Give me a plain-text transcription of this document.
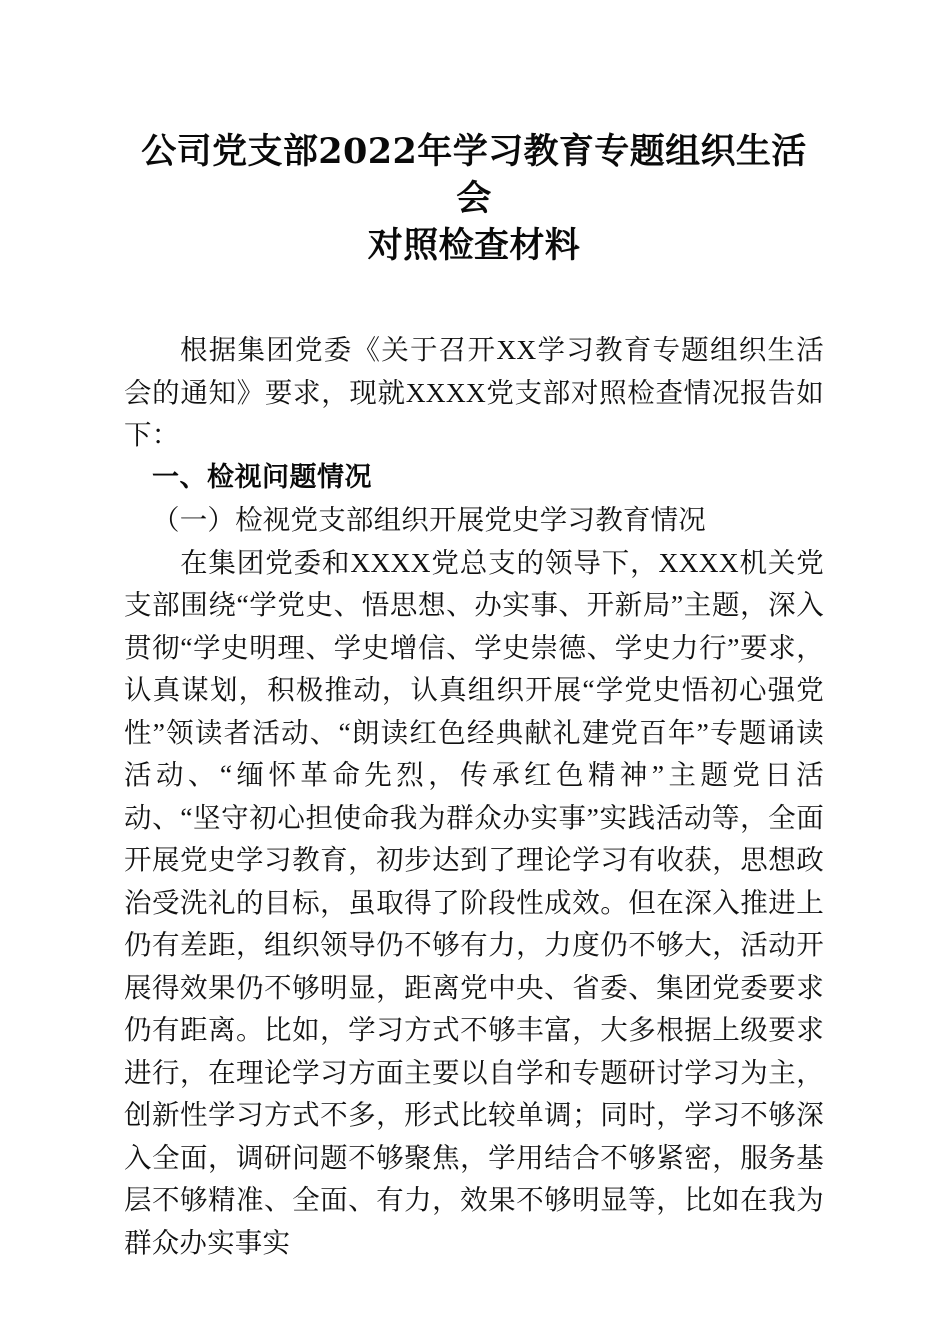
公司党支部2022年学习教育专题组织生活会
对照检查材料

根据集团党委《关于召开XX学习教育专题组织生活会的通知》要求，现就XXXX党支部对照检查情况报告如下：

一、检视问题情况

（一）检视党支部组织开展党史学习教育情况

在集团党委和XXXX党总支的领导下，XXXX机关党支部围绕“学党史、悟思想、办实事、开新局”主题，深入贯彻“学史明理、学史增信、学史崇德、学史力行”要求，认真谋划，积极推动，认真组织开展“学党史悟初心强党性”领读者活动、“朗读红色经典献礼建党百年”专题诵读活动、“缅怀革命先烈，传承红色精神”主题党日活动、“坚守初心担使命我为群众办实事”实践活动等，全面开展党史学习教育，初步达到了理论学习有收获，思想政治受洗礼的目标，虽取得了阶段性成效。但在深入推进上仍有差距，组织领导仍不够有力，力度仍不够大，活动开展得效果仍不够明显，距离党中央、省委、集团党委要求仍有距离。比如，学习方式不够丰富，大多根据上级要求进行，在理论学习方面主要以自学和专题研讨学习为主，创新性学习方式不多，形式比较单调；同时，学习不够深入全面，调研问题不够聚焦，学用结合不够紧密，服务基层不够精准、全面、有力，效果不够明显等，比如在我为群众办实事实
